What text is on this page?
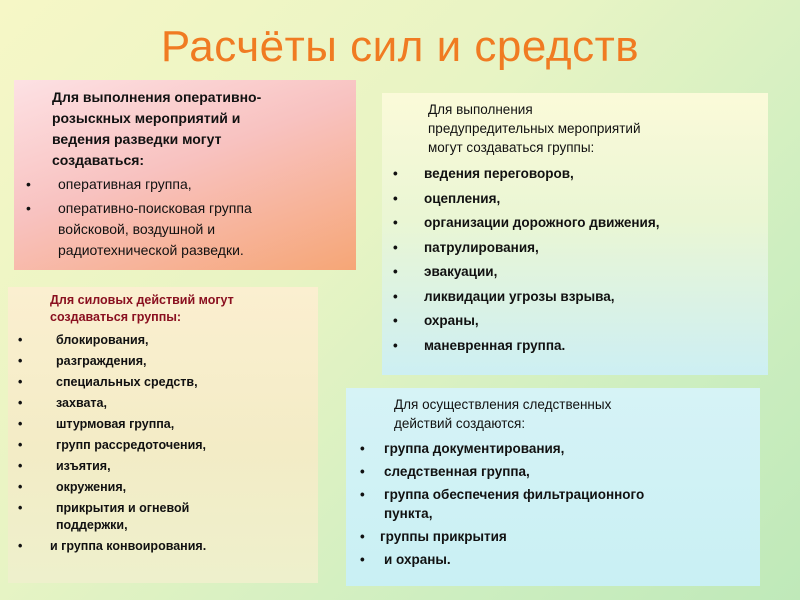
Расчёты сил и средств
Для выполнения оперативно-
розыскных мероприятий и
ведения разведки могут
создаваться:
• оперативная группа,
• оперативно-поисковая группа
войсковой, воздушной и
радиотехнической разведки.
Для выполнения
предупредительных мероприятий
могут создаваться группы:
• ведения переговоров,
• оцепления,
• организации дорожного движения,
• патрулирования,
• эвакуации,
• ликвидации угрозы взрыва,
• охраны,
• маневренная группа.
Для силовых действий могут
создаваться группы:
• блокирования,
• разграждения,
• специальных средств,
• захвата,
• штурмовая группа,
• групп рассредоточения,
• изъятия,
• окружения,
• прикрытия и огневой
поддержки,
• и группа конвоирования.
Для осуществления следственных
действий создаются:
• группа документирования,
• следственная группа,
• группа обеспечения фильтрационного
пункта,
• группы прикрытия
• и охраны.
